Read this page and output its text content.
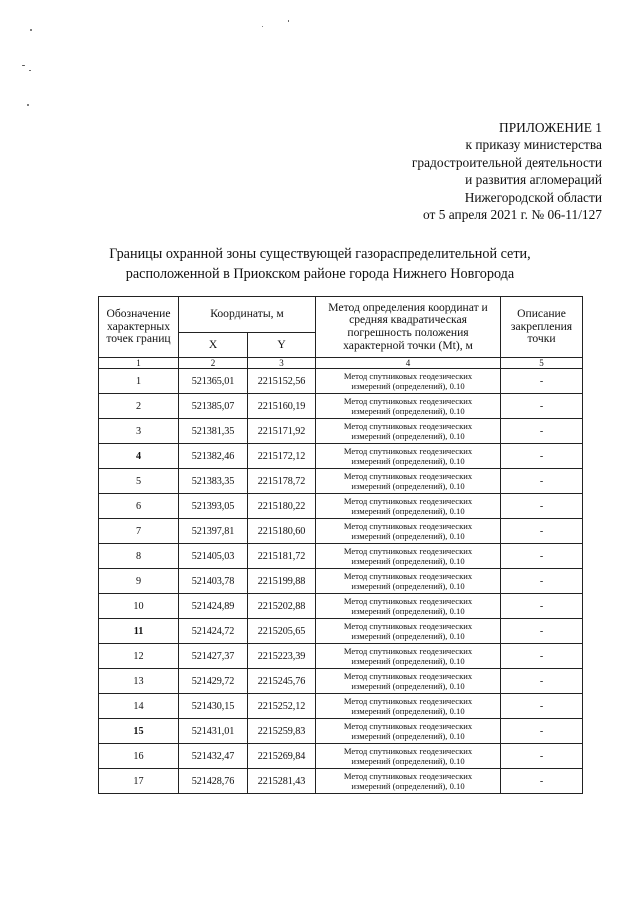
ПРИЛОЖЕНИЕ 1
к приказу министерства
градостроительной деятельности
и развития агломераций
Нижегородской области
от 5 апреля 2021 г. № 06-11/127
Границы охранной зоны существующей газораспределительной сети,
расположенной в Приокском районе города Нижнего Новгорода
Обозначение характерных точек границ	Координаты, м		Метод определения координат и средняя квадратическая погрешность положения характерной точки (Mt), м	Описание закрепления точки
	X	Y		
1	2	3	4	5
1	521365,01	2215152,56	Метод спутниковых геодезических
измерений (определений), 0.10	-
2	521385,07	2215160,19	Метод спутниковых геодезических
измерений (определений), 0.10	-
3	521381,35	2215171,92	Метод спутниковых геодезических
измерений (определений), 0.10	-
4	521382,46	2215172,12	Метод спутниковых геодезических
измерений (определений), 0.10	-
5	521383,35	2215178,72	Метод спутниковых геодезических
измерений (определений), 0.10	-
6	521393,05	2215180,22	Метод спутниковых геодезических
измерений (определений), 0.10	-
7	521397,81	2215180,60	Метод спутниковых геодезических
измерений (определений), 0.10	-
8	521405,03	2215181,72	Метод спутниковых геодезических
измерений (определений), 0.10	-
9	521403,78	2215199,88	Метод спутниковых геодезических
измерений (определений), 0.10	-
10	521424,89	2215202,88	Метод спутниковых геодезических
измерений (определений), 0.10	-
11	521424,72	2215205,65	Метод спутниковых геодезических
измерений (определений), 0.10	-
12	521427,37	2215223,39	Метод спутниковых геодезических
измерений (определений), 0.10	-
13	521429,72	2215245,76	Метод спутниковых геодезических
измерений (определений), 0.10	-
14	521430,15	2215252,12	Метод спутниковых геодезических
измерений (определений), 0.10	-
15	521431,01	2215259,83	Метод спутниковых геодезических
измерений (определений), 0.10	-
16	521432,47	2215269,84	Метод спутниковых геодезических
измерений (определений), 0.10	-
17	521428,76	2215281,43	Метод спутниковых геодезических
измерений (определений), 0.10	-
